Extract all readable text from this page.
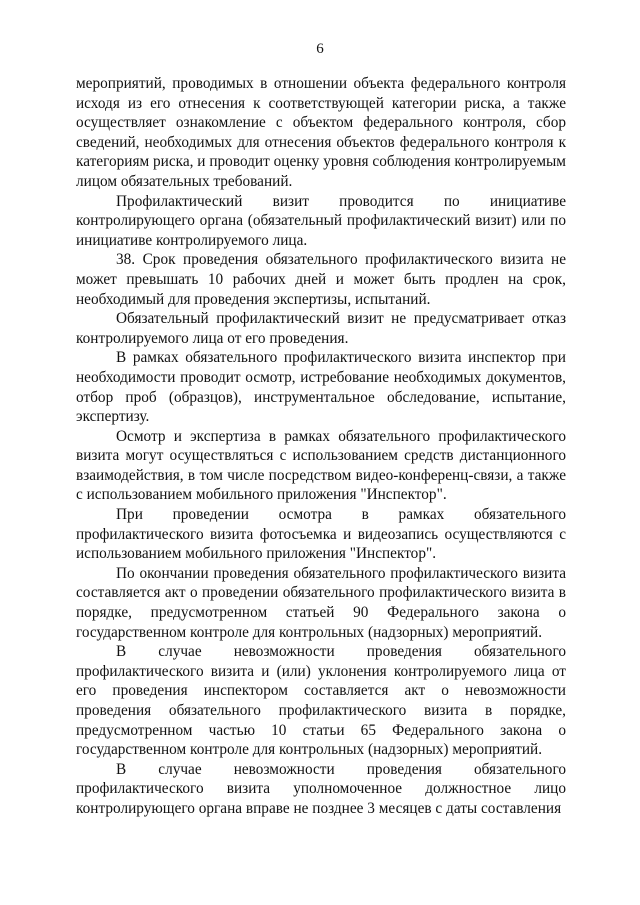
6

мероприятий, проводимых в отношении объекта федерального контроля исходя из его отнесения к соответствующей категории риска, а также осуществляет ознакомление с объектом федерального контроля, сбор сведений, необходимых для отнесения объектов федерального контроля к категориям риска, и проводит оценку уровня соблюдения контролируемым лицом обязательных требований.

Профилактический визит проводится по инициативе контролирующего органа (обязательный профилактический визит) или по инициативе контролируемого лица.

38. Срок проведения обязательного профилактического визита не может превышать 10 рабочих дней и может быть продлен на срок, необходимый для проведения экспертизы, испытаний.

Обязательный профилактический визит не предусматривает отказ контролируемого лица от его проведения.

В рамках обязательного профилактического визита инспектор при необходимости проводит осмотр, истребование необходимых документов, отбор проб (образцов), инструментальное обследование, испытание, экспертизу.

Осмотр и экспертиза в рамках обязательного профилактического визита могут осуществляться с использованием средств дистанционного взаимодействия, в том числе посредством видео-конференц-связи, а также с использованием мобильного приложения "Инспектор".

При проведении осмотра в рамках обязательного профилактического визита фотосъемка и видеозапись осуществляются с использованием мобильного приложения "Инспектор".

По окончании проведения обязательного профилактического визита составляется акт о проведении обязательного профилактического визита в порядке, предусмотренном статьей 90 Федерального закона о государственном контроле для контрольных (надзорных) мероприятий.

В случае невозможности проведения обязательного профилактического визита и (или) уклонения контролируемого лица от его проведения инспектором составляется акт о невозможности проведения обязательного профилактического визита в порядке, предусмотренном частью 10 статьи 65 Федерального закона о государственном контроле для контрольных (надзорных) мероприятий.

В случае невозможности проведения обязательного профилактического визита уполномоченное должностное лицо контролирующего органа вправе не позднее 3 месяцев с даты составления
